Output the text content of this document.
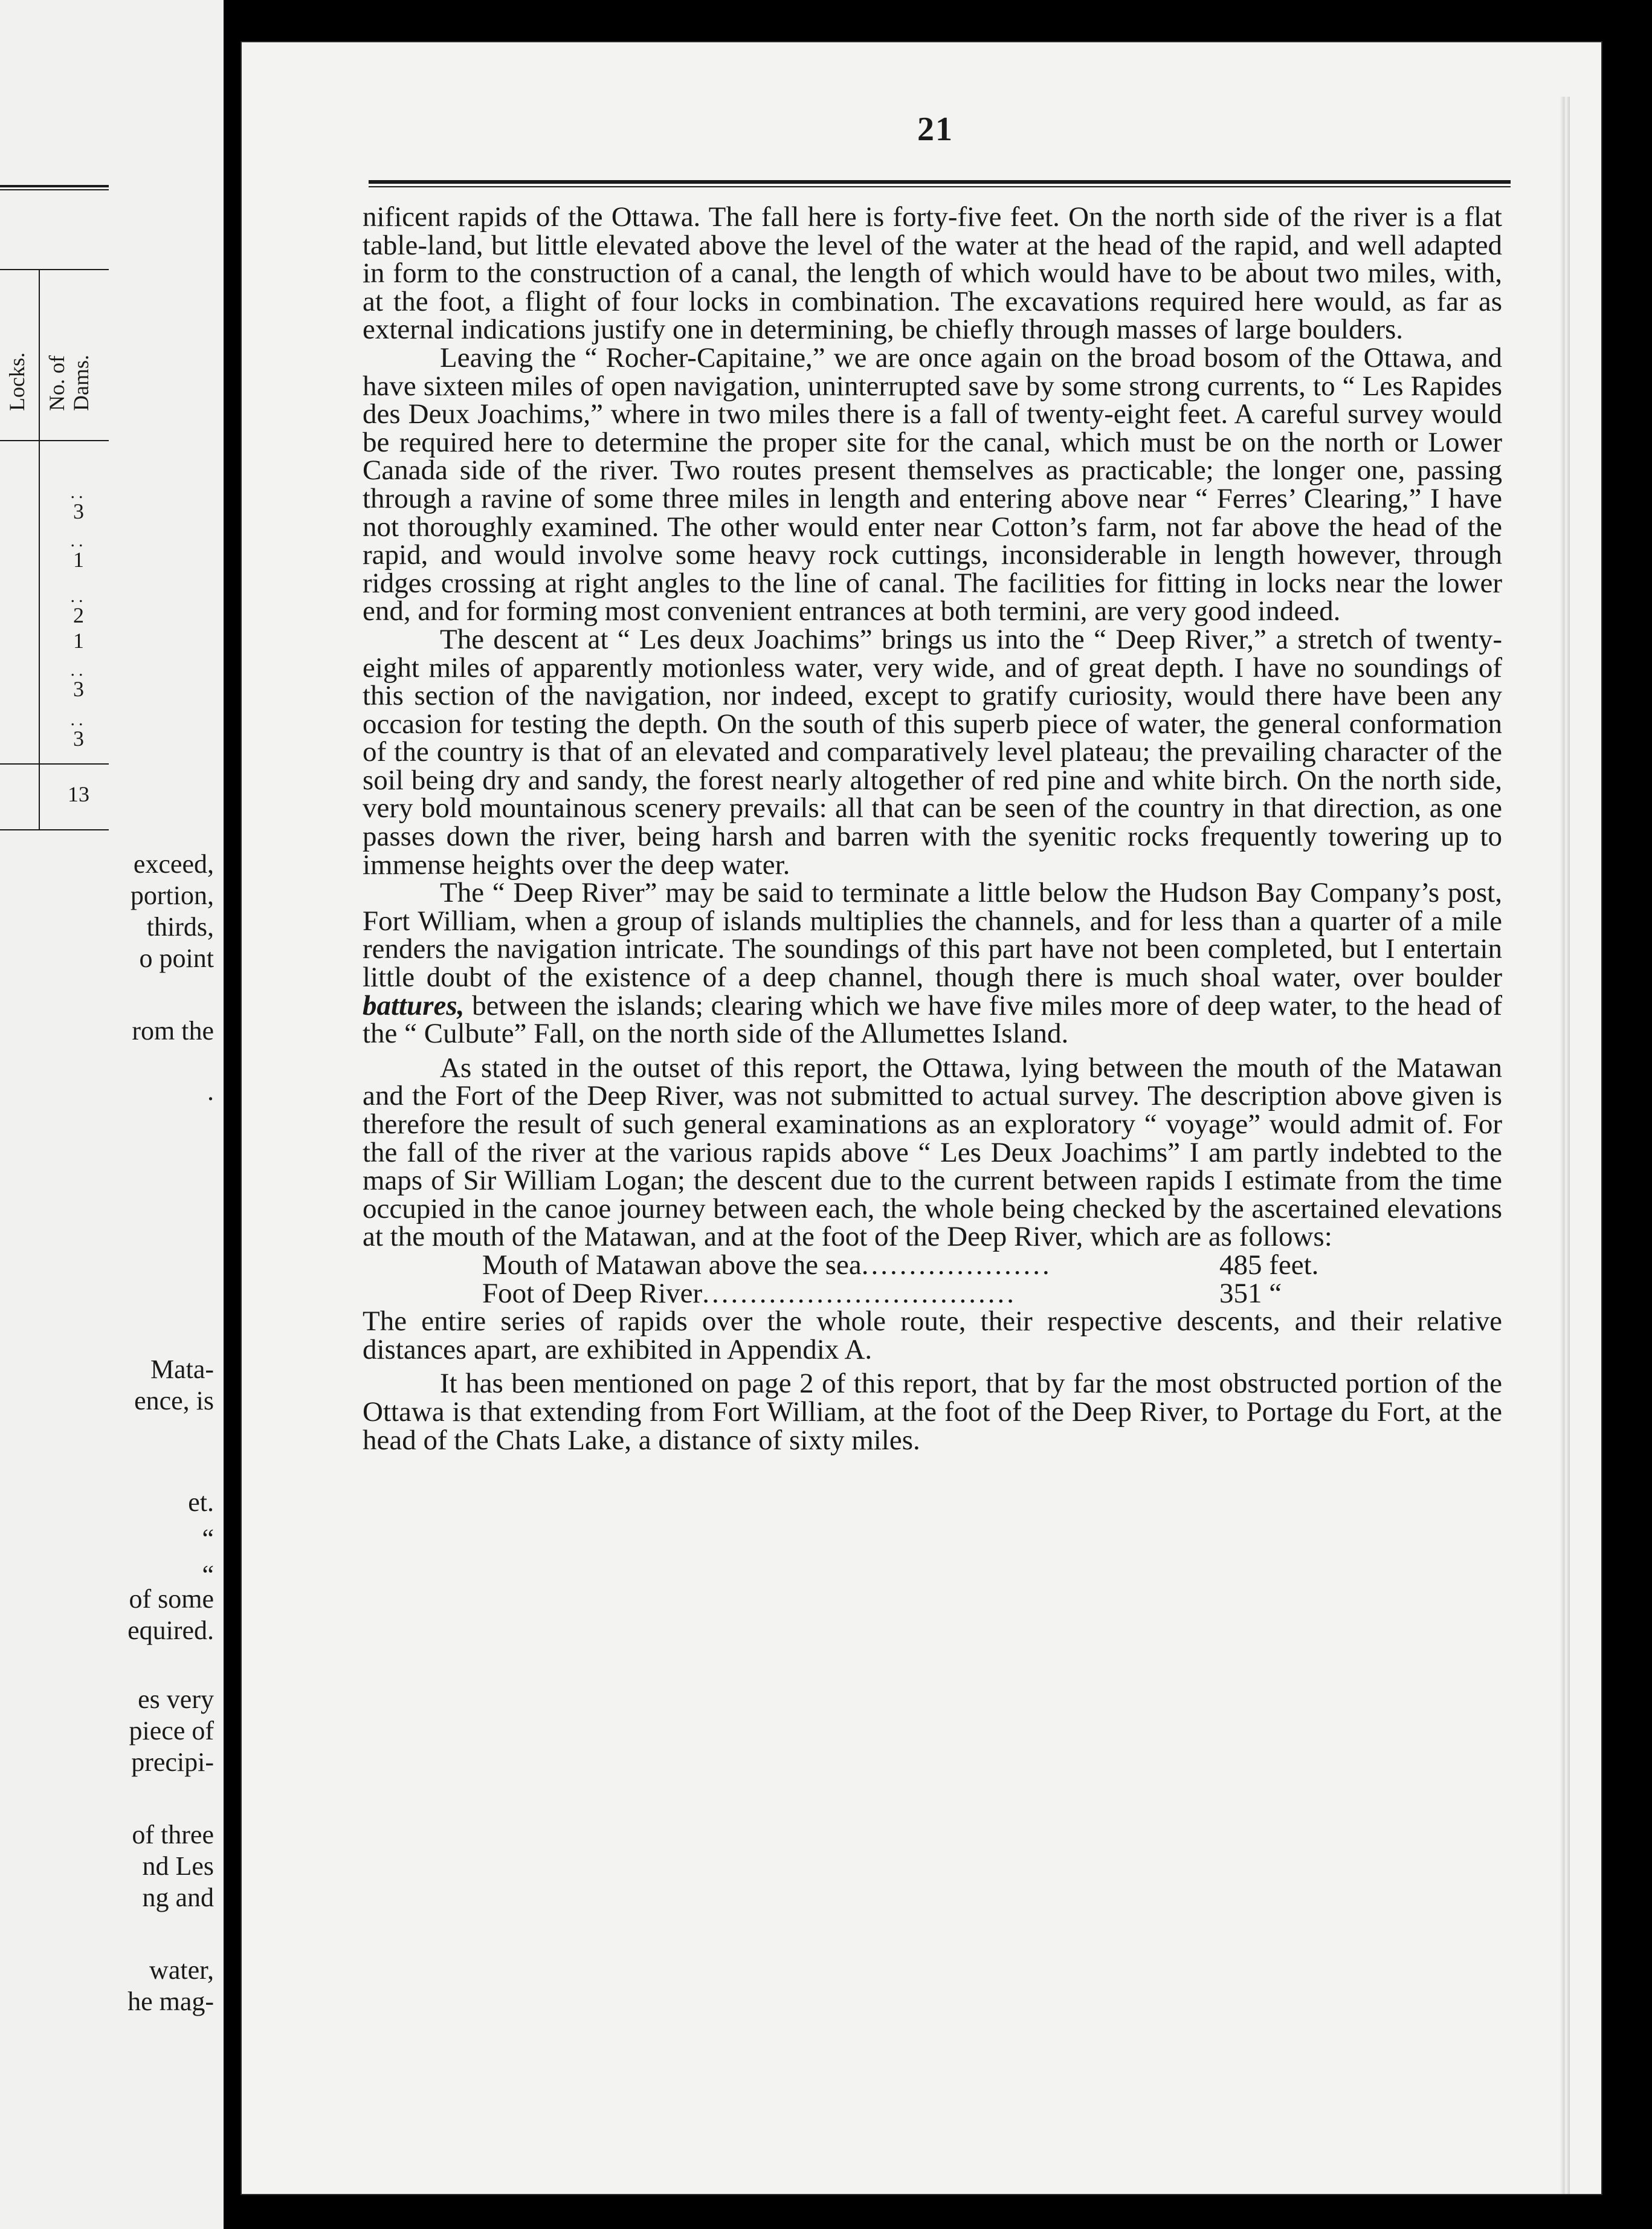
Locks. No. of Dams.
..
3
..
1
..
2
1
..
3
..
3
13
exceed,
portion,
thirds,
o point
rom the
.
Mata-
ence, is
et.
“
“
of some
equired.
es very
piece of
precipi-
of three
nd Les
ng and
water,
he mag-
21

nificent rapids of the Ottawa. The fall here is forty-five feet. On the north side of the river is a flat table-land, but little elevated above the level of the water at the head of the rapid, and well adapted in form to the construction of a canal, the length of which would have to be about two miles, with, at the foot, a flight of four locks in combination. The excavations required here would, as far as external indications justify one in determining, be chiefly through masses of large boulders.

Leaving the “ Rocher-Capitaine,” we are once again on the broad bosom of the Ottawa, and have sixteen miles of open navigation, uninterrupted save by some strong currents, to “ Les Rapides des Deux Joachims,” where in two miles there is a fall of twenty-eight feet. A careful survey would be required here to determine the proper site for the canal, which must be on the north or Lower Canada side of the river. Two routes present themselves as practicable; the longer one, passing through a ravine of some three miles in length and entering above near “ Ferres’ Clearing,” I have not thoroughly examined. The other would enter near Cotton’s farm, not far above the head of the rapid, and would involve some heavy rock cuttings, inconsiderable in length however, through ridges crossing at right angles to the line of canal. The facilities for fitting in locks near the lower end, and for forming most convenient entrances at both termini, are very good indeed.

The descent at “ Les deux Joachims” brings us into the “ Deep River,” a stretch of twenty-eight miles of apparently motionless water, very wide, and of great depth. I have no soundings of this section of the navigation, nor indeed, except to gratify curiosity, would there have been any occasion for testing the depth. On the south of this superb piece of water, the general conformation of the country is that of an elevated and comparatively level plateau; the prevailing character of the soil being dry and sandy, the forest nearly altogether of red pine and white birch. On the north side, very bold mountainous scenery prevails: all that can be seen of the country in that direction, as one passes down the river, being harsh and barren with the syenitic rocks frequently towering up to immense heights over the deep water.

The “ Deep River” may be said to terminate a little below the Hudson Bay Company’s post, Fort William, when a group of islands multiplies the channels, and for less than a quarter of a mile renders the navigation intricate. The soundings of this part have not been completed, but I entertain little doubt of the existence of a deep channel, though there is much shoal water, over boulder battures, between the islands; clearing which we have five miles more of deep water, to the head of the “ Culbute” Fall, on the north side of the Allumettes Island.

As stated in the outset of this report, the Ottawa, lying between the mouth of the Matawan and the Fort of the Deep River, was not submitted to actual survey. The description above given is therefore the result of such general examinations as an exploratory “ voyage” would admit of. For the fall of the river at the various rapids above “ Les Deux Joachims” I am partly indebted to the maps of Sir William Logan; the descent due to the current between rapids I estimate from the time occupied in the canoe journey between each, the whole being checked by the ascertained elevations at the mouth of the Matawan, and at the foot of the Deep River, which are as follows:

Mouth of Matawan above the sea ....................	485 feet.
Foot of Deep River .................................	351 “

The entire series of rapids over the whole route, their respective descents, and their relative distances apart, are exhibited in Appendix A.

It has been mentioned on page 2 of this report, that by far the most obstructed portion of the Ottawa is that extending from Fort William, at the foot of the Deep River, to Portage du Fort, at the head of the Chats Lake, a distance of sixty miles.
